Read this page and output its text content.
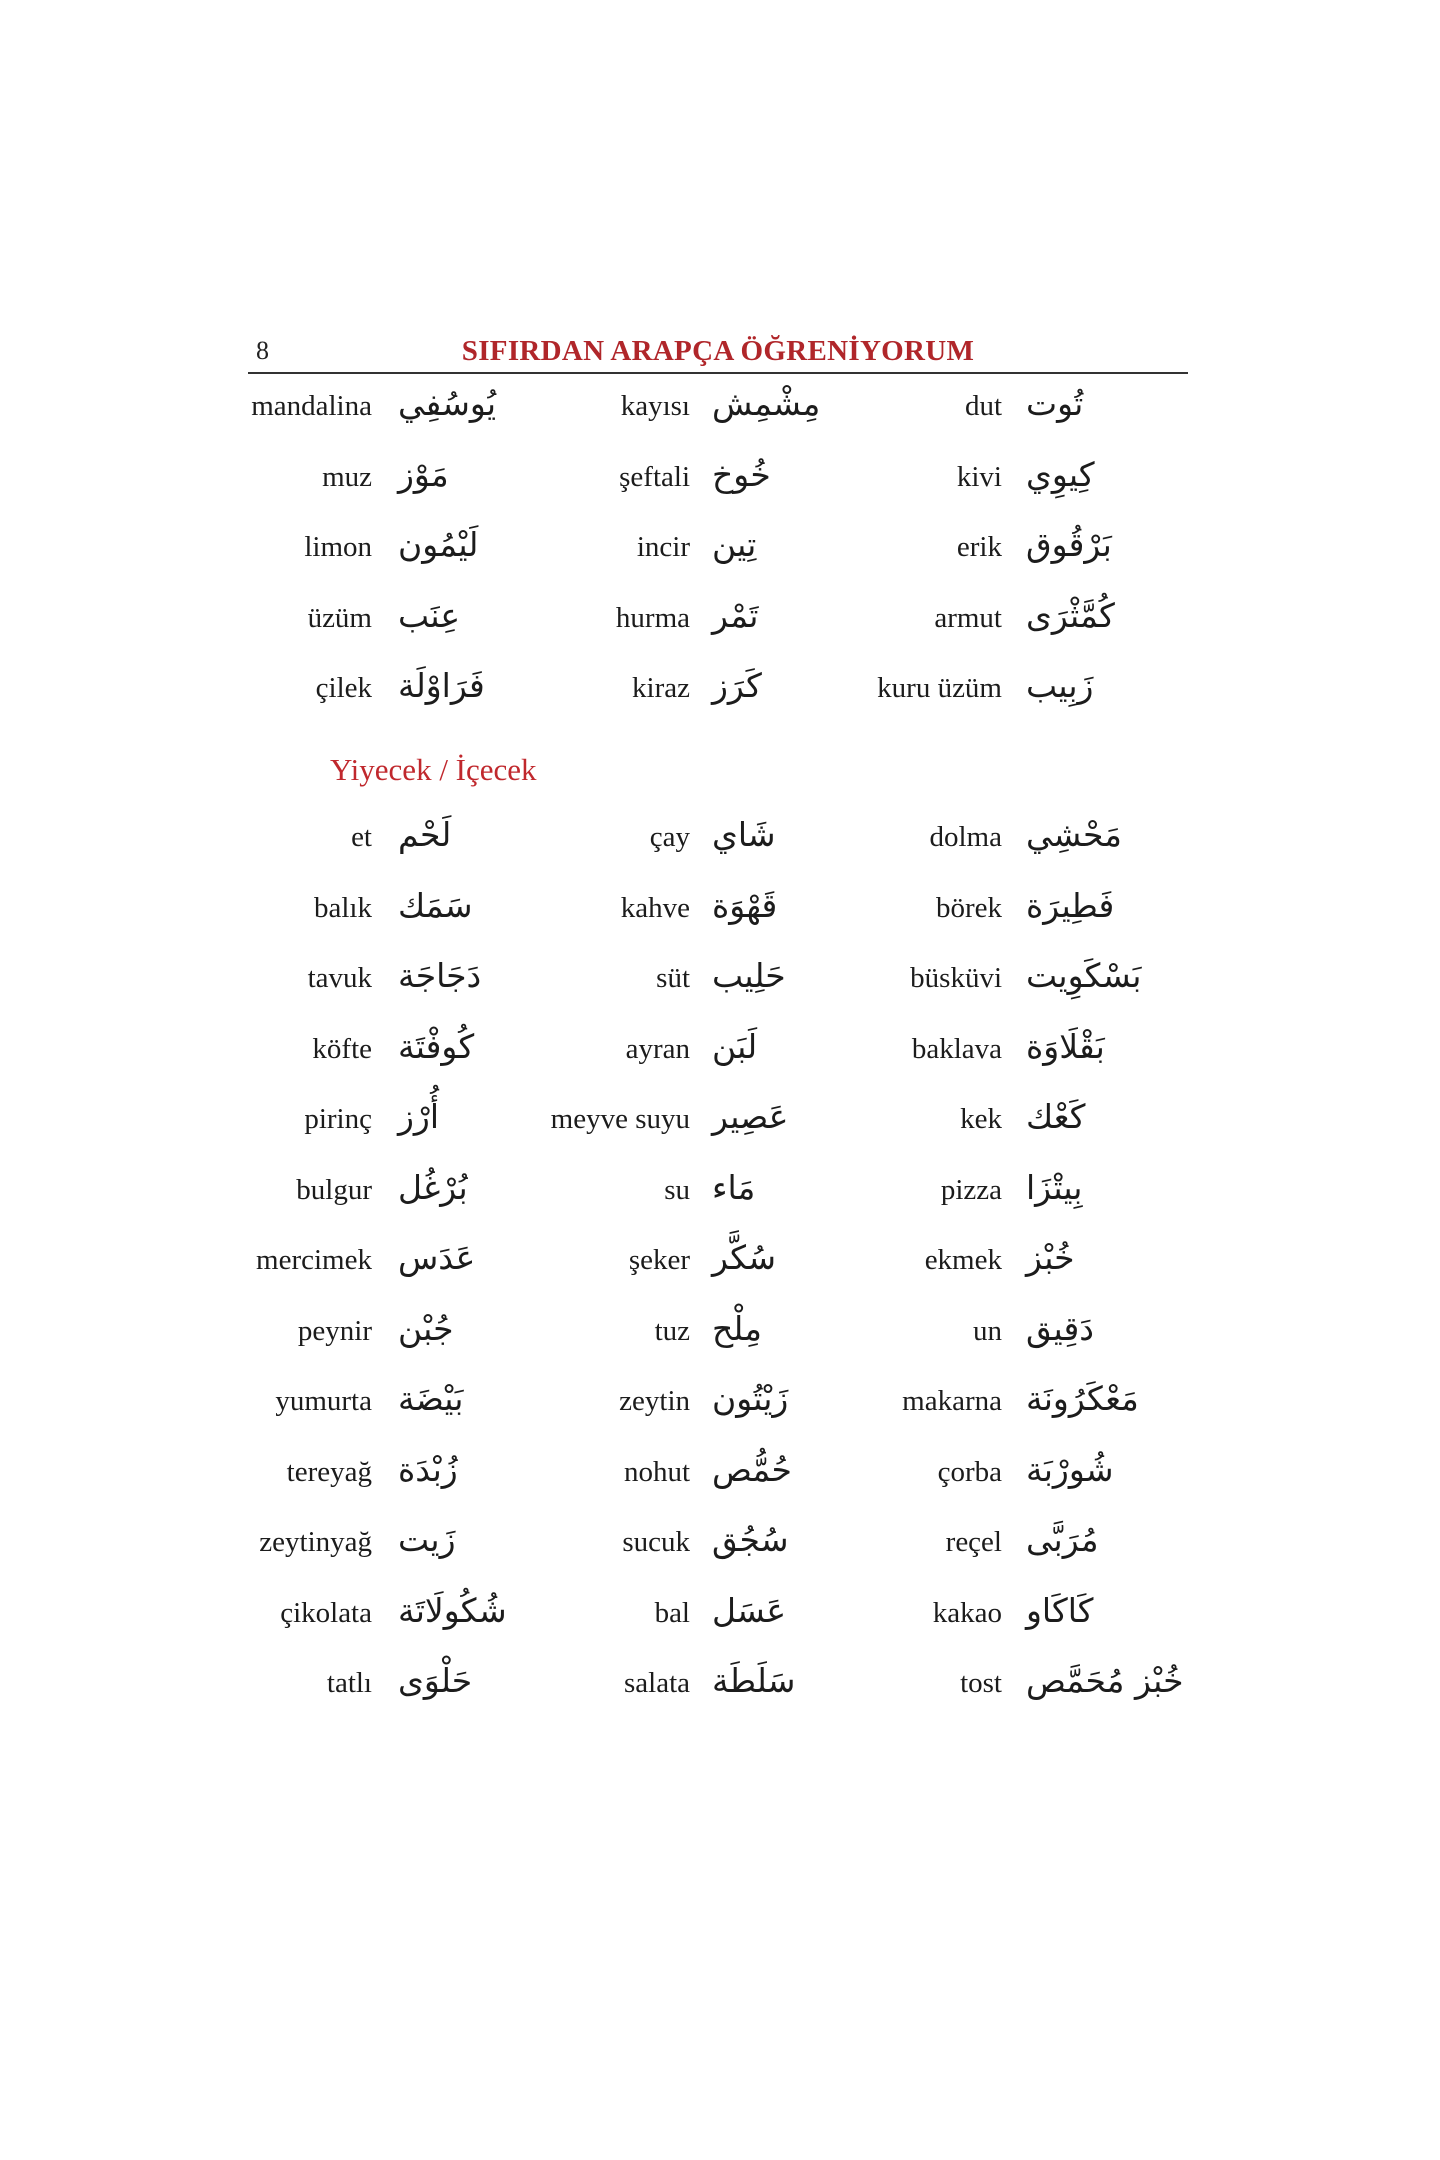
8	SIFIRDAN ARAPÇA ÖĞRENİYORUM
mandalina يُوسُفِي	kayısı مِشْمِش	dut تُوت
muz مَوْز	şeftali خُوخ	kivi كِيوِي
limon لَيْمُون	incir تِين	erik بَرْقُوق
üzüm عِنَب	hurma تَمْر	armut كُمَّثْرَى
çilek فَرَاوْلَة	kiraz كَرَز	kuru üzüm زَبِيب
Yiyecek / İçecek
et لَحْم	çay شَاي	dolma مَحْشِي
balık سَمَك	kahve قَهْوَة	börek فَطِيرَة
tavuk دَجَاجَة	süt حَلِيب	büsküvi بَسْكَوِيت
köfte كُوفْتَة	ayran لَبَن	baklava بَقْلَاوَة
pirinç أُرْز	meyve suyu عَصِير	kek كَعْك
bulgur بُرْغُل	su مَاء	pizza بِيتْزَا
mercimek عَدَس	şeker سُكَّر	ekmek خُبْز
peynir جُبْن	tuz مِلْح	un دَقِيق
yumurta بَيْضَة	zeytin زَيْتُون	makarna مَعْكَرُونَة
tereyağ زُبْدَة	nohut حُمُّص	çorba شُورْبَة
zeytinyağ زَيت	sucuk سُجُق	reçel مُرَبَّى
çikolata شُكُولَاتَة	bal عَسَل	kakao كَاكَاو
tatlı حَلْوَى	salata سَلَطَة	tost خُبْز مُحَمَّص
